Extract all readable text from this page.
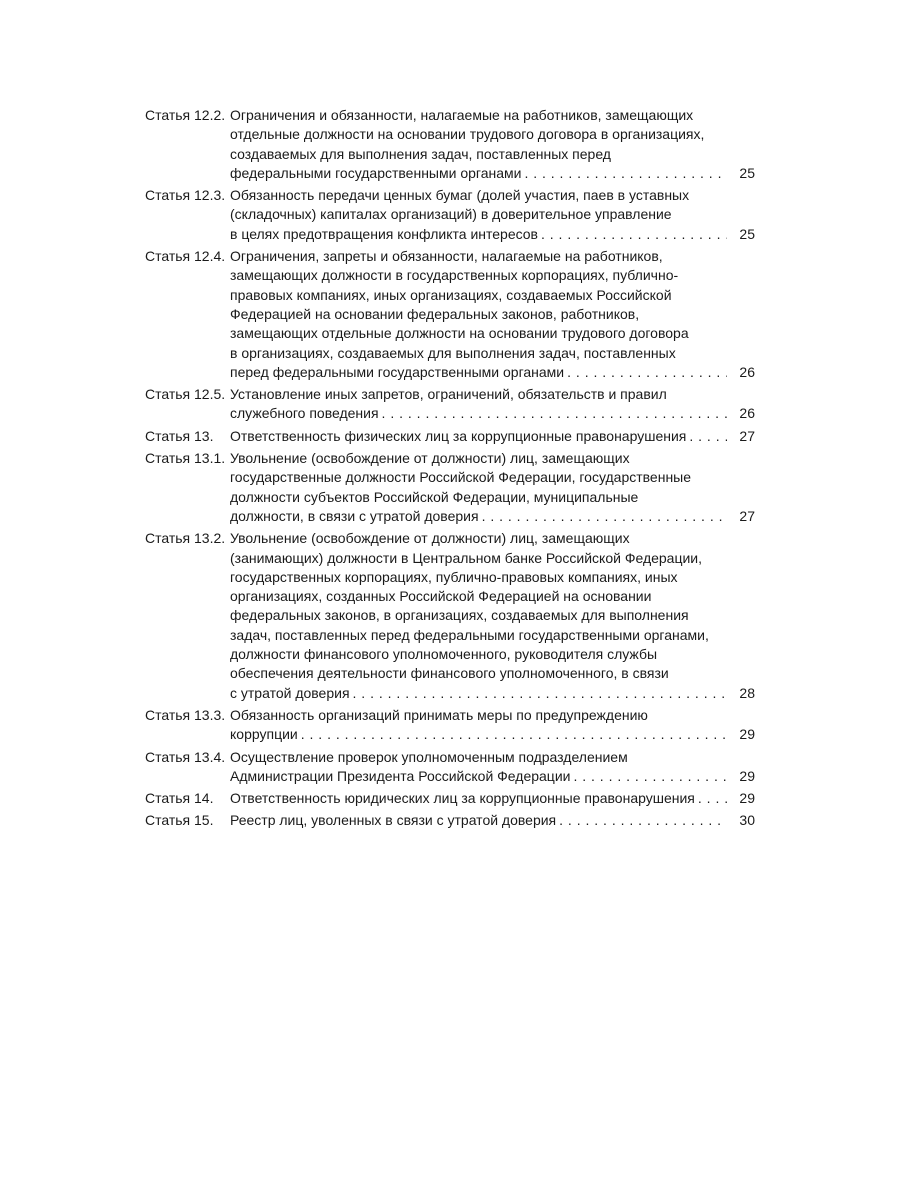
Статья 12.2. Ограничения и обязанности, налагаемые на работников, замещающих
отдельные должности на основании трудового договора в организациях,
создаваемых для выполнения задач, поставленных перед
федеральными государственными органами . . .	25
Статья 12.3. Обязанность передачи ценных бумаг (долей участия, паев в уставных
(складочных) капиталах организаций) в доверительное управление
в целях предотвращения конфликта интересов . . .	25
Статья 12.4. Ограничения, запреты и обязанности, налагаемые на работников,
замещающих должности в государственных корпорациях, публично-
правовых компаниях, иных организациях, создаваемых Российской
Федерацией на основании федеральных законов, работников,
замещающих отдельные должности на основании трудового договора
в организациях, создаваемых для выполнения задач, поставленных
перед федеральными государственными органами . . .	26
Статья 12.5. Установление иных запретов, ограничений, обязательств и правил
служебного поведения . . .	26
Статья 13.	Ответственность физических лиц за коррупционные правонарушения . . .	27
Статья 13.1. Увольнение (освобождение от должности) лиц, замещающих
государственные должности Российской Федерации, государственные
должности субъектов Российской Федерации, муниципальные
должности, в связи с утратой доверия . . .	27
Статья 13.2. Увольнение (освобождение от должности) лиц, замещающих
(занимающих) должности в Центральном банке Российской Федерации,
государственных корпорациях, публично-правовых компаниях, иных
организациях, созданных Российской Федерацией на основании
федеральных законов, в организациях, создаваемых для выполнения
задач, поставленных перед федеральными государственными органами,
должности финансового уполномоченного, руководителя службы
обеспечения деятельности финансового уполномоченного, в связи
с утратой доверия . . .	28
Статья 13.3. Обязанность организаций принимать меры по предупреждению
коррупции . . .	29
Статья 13.4. Осуществление проверок уполномоченным подразделением
Администрации Президента Российской Федерации . . .	29
Статья 14.	Ответственность юридических лиц за коррупционные правонарушения . . .	29
Статья 15.	Реестр лиц, уволенных в связи с утратой доверия . . .	30
